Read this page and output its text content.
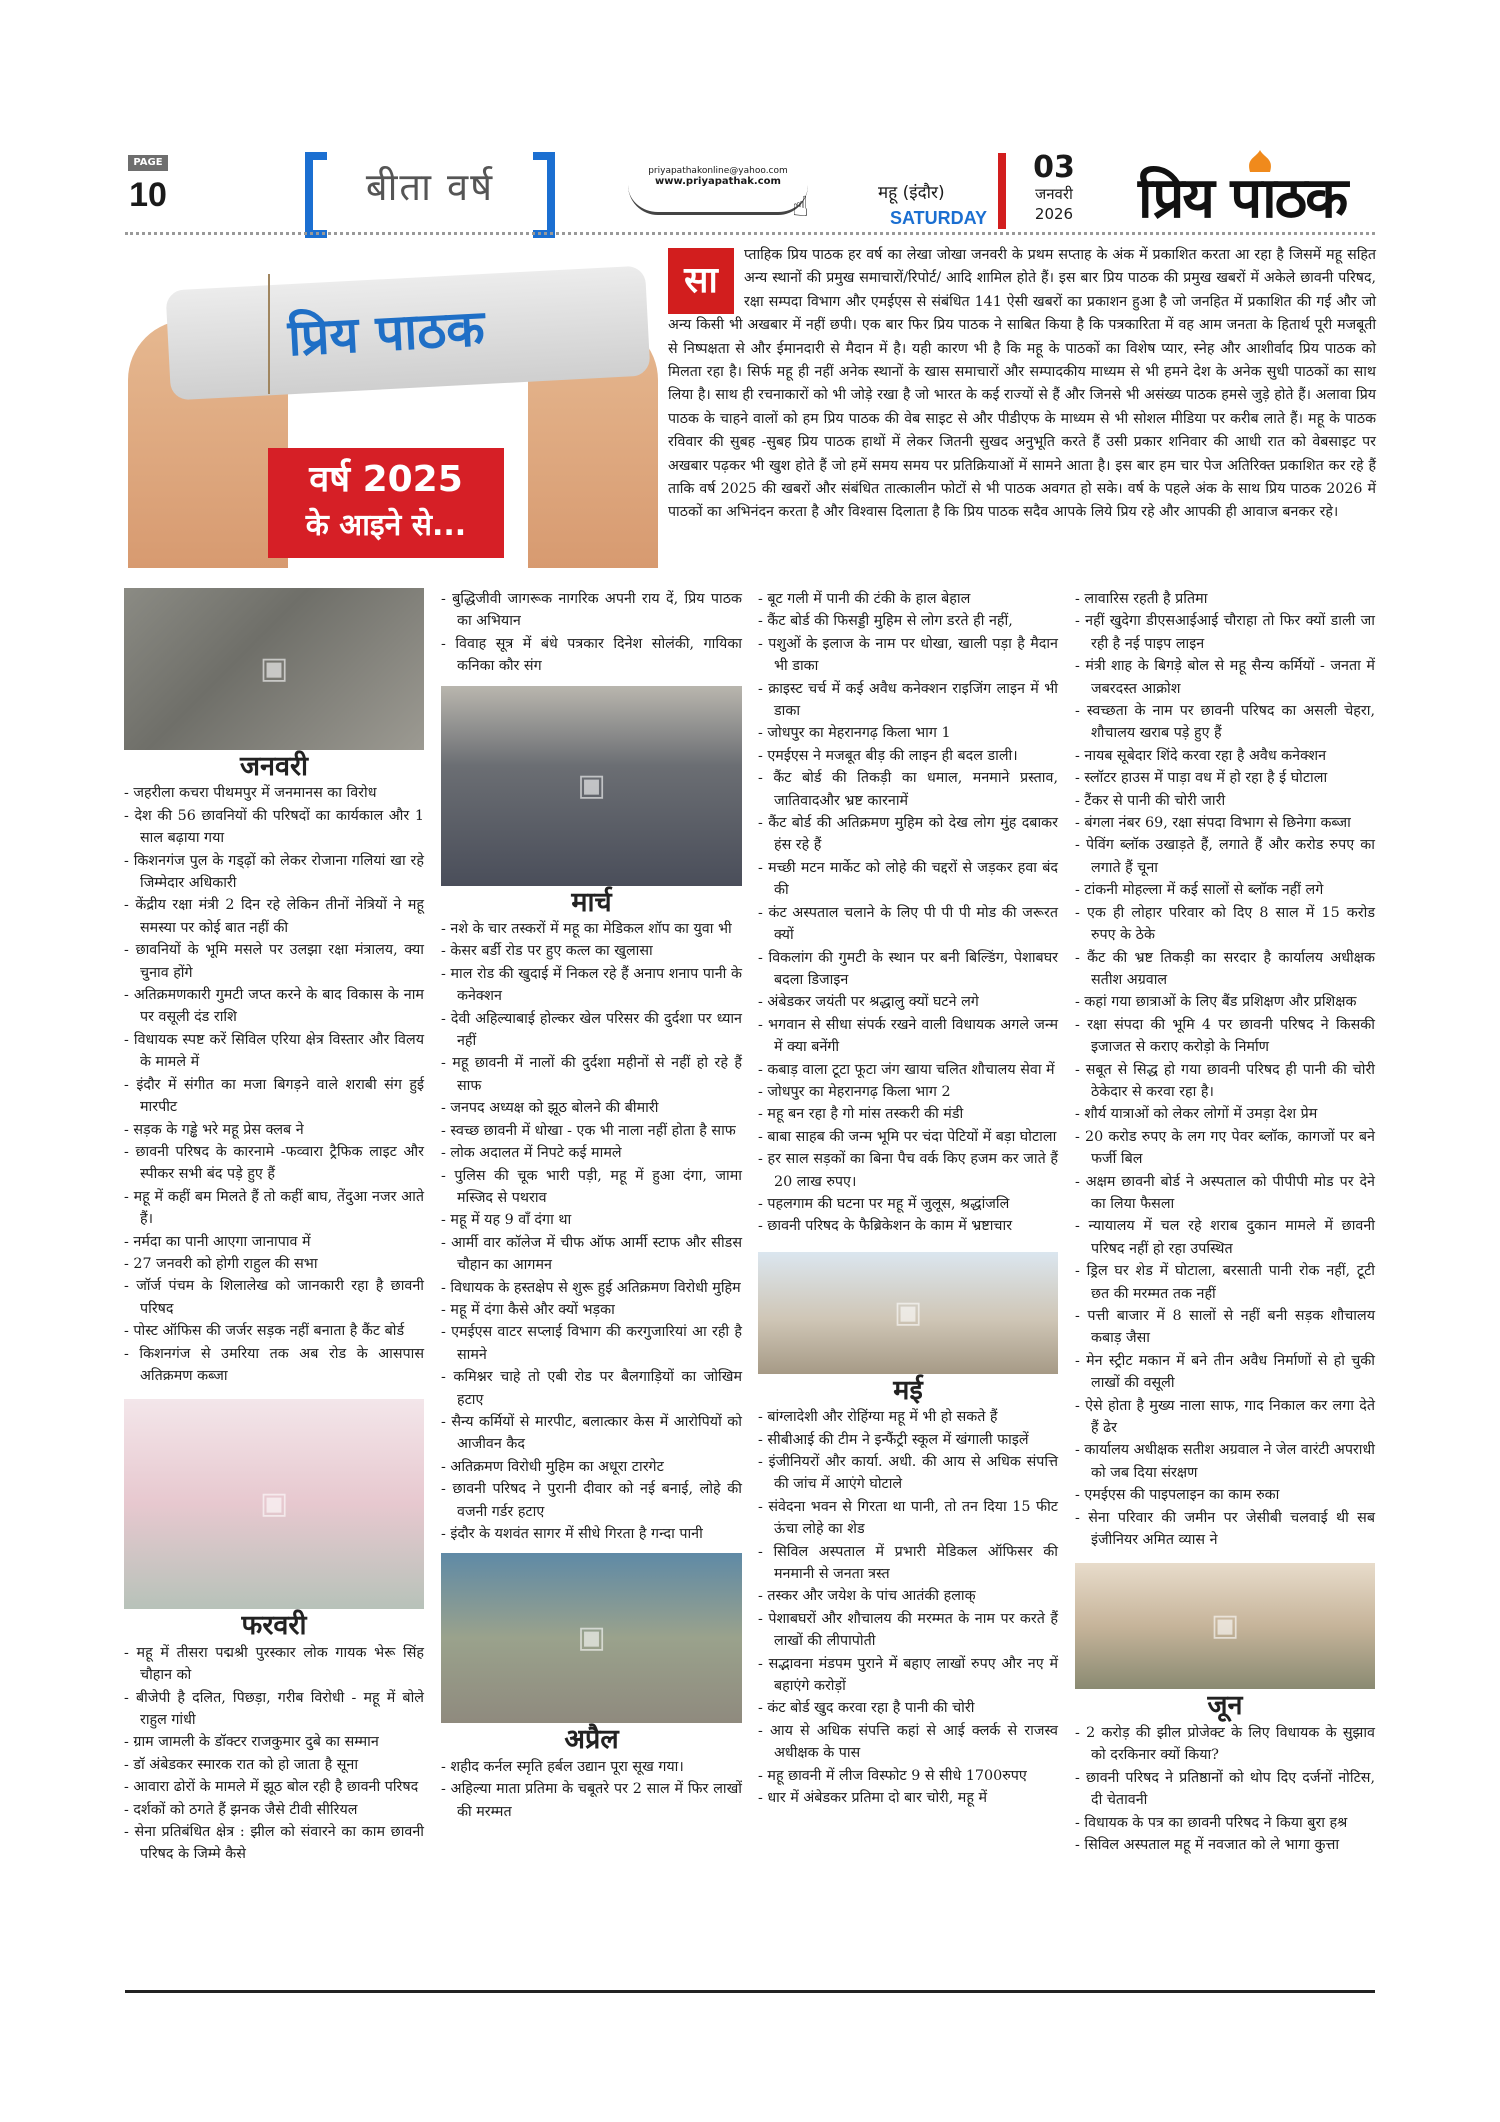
PAGE
10	बीता वर्ष	priyapathakonline@yahoo.com
www.priyapathak.com
☝	महू (इंदौर)
SATURDAY
03
जनवरी
2026 प्रिय पाठक
प्रिय पाठक
वर्ष 2025
के आइने से...
सा
प्ताहिक प्रिय पाठक हर वर्ष का लेखा जोखा जनवरी के प्रथम सप्ताह के अंक में प्रकाशित करता आ रहा है जिसमें महू सहित अन्य स्थानों की प्रमुख समाचारों/रिपोर्ट/ आदि शामिल होते हैं। इस बार प्रिय पाठक की प्रमुख खबरों में अकेले छावनी परिषद, रक्षा सम्पदा विभाग और एमईएस से संबंधित 141 ऐसी खबरों का प्रकाशन हुआ है जो जनहित में प्रकाशित की गई और जो अन्य किसी भी अखबार में नहीं छपी। एक बार फिर प्रिय पाठक ने साबित किया है कि पत्रकारिता में वह आम जनता के हितार्थ पूरी मजबूती से निष्पक्षता से और ईमानदारी से मैदान में है। यही कारण भी है कि महू के पाठकों का विशेष प्यार, स्नेह और आशीर्वाद प्रिय पाठक को मिलता रहा है। सिर्फ महू ही नहीं अनेक स्थानों के खास समाचारों और सम्पादकीय माध्यम से भी हमने देश के अनेक सुधी पाठकों का साथ लिया है। साथ ही रचनाकारों को भी जोड़े रखा है जो भारत के कई राज्यों से हैं और जिनसे भी असंख्य पाठक हमसे जुड़े होते हैं। अलावा प्रिय पाठक के चाहने वालों को हम प्रिय पाठक की वेब साइट से और पीडीएफ के माध्यम से भी सोशल मीडिया पर करीब लाते हैं। महू के पाठक रविवार की सुबह -सुबह प्रिय पाठक हाथों में लेकर जितनी सुखद अनुभूति करते हैं उसी प्रकार शनिवार की आधी रात को वेबसाइट पर अखबार पढ़कर भी खुश होते हैं जो हमें समय समय पर प्रतिक्रियाओं में सामने आता है। इस बार हम चार पेज अतिरिक्त प्रकाशित कर रहे हैं ताकि वर्ष 2025 की खबरों और संबंधित तात्कालीन फोटों से भी पाठक अवगत हो सके। वर्ष के पहले अंक के साथ प्रिय पाठक 2026 में पाठकों का अभिनंदन करता है और विश्वास दिलाता है कि प्रिय पाठक सदैव आपके लिये प्रिय रहे और आपकी ही आवाज बनकर रहे।
▣
जनवरी
- जहरीला कचरा पीथमपुर में जनमानस का विरोध
- देश की 56 छावनियों की परिषदों का कार्यकाल और 1 साल बढ़ाया गया
- किशनगंज पुल के गड्ढ़ों को लेकर रोजाना गलियां खा रहे जिम्मेदार अधिकारी
- केंद्रीय रक्षा मंत्री 2 दिन रहे लेकिन तीनों नेत्रियों ने महू समस्या पर कोई बात नहीं की
- छावनियों के भूमि मसले पर उलझा रक्षा मंत्रालय, क्या चुनाव होंगे
- अतिक्रमणकारी गुमटी जप्त करने के बाद विकास के नाम पर वसूली दंड राशि
- विधायक स्पष्ट करें सिविल एरिया क्षेत्र विस्तार और विलय के मामले में
- इंदौर में संगीत का मजा बिगड़ने वाले शराबी संग हुई मारपीट
- सड़क के गड्ढे भरे महू प्रेस क्लब ने
- छावनी परिषद के कारनामे -फव्वारा ट्रैफिक लाइट और स्पीकर सभी बंद पड़े हुए हैं
- महू में कहीं बम मिलते हैं तो कहीं बाघ, तेंदुआ नजर आते हैं।
- नर्मदा का पानी आएगा जानापाव में
- 27 जनवरी को होगी राहुल की सभा
- जॉर्ज पंचम के शिलालेख को जानकारी रहा है छावनी परिषद
- पोस्ट ऑफिस की जर्जर सड़क नहीं बनाता है कैंट बोर्ड
- किशनगंज से उमरिया तक अब रोड के आसपास अतिक्रमण कब्जा
▣
फरवरी
- महू में तीसरा पद्मश्री पुरस्कार लोक गायक भेरू सिंह चौहान को
- बीजेपी है दलित, पिछड़ा, गरीब विरोधी - महू में बोले राहुल गांधी
- ग्राम जामली के डॉक्टर राजकुमार दुबे का सम्मान
- डॉ अंबेडकर स्मारक रात को हो जाता है सूना
- आवारा ढोरों के मामले में झूठ बोल रही है छावनी परिषद
- दर्शकों को ठगते हैं झनक जैसे टीवी सीरियल
- सेना प्रतिबंधित क्षेत्र : झील को संवारने का काम छावनी परिषद के जिम्मे कैसे
- बुद्धिजीवी जागरूक नागरिक अपनी राय दें, प्रिय पाठक का अभियान
- विवाह सूत्र में बंधे पत्रकार दिनेश सोलंकी, गायिका कनिका कौर संग
▣
मार्च
- नशे के चार तस्करों में महू का मेडिकल शॉप का युवा भी
- केसर बर्डी रोड पर हुए कत्ल का खुलासा
- माल रोड की खुदाई में निकल रहे हैं अनाप शनाप पानी के कनेक्शन
- देवी अहिल्याबाई होल्कर खेल परिसर की दुर्दशा पर ध्यान नहीं
- महू छावनी में नालों की दुर्दशा महीनों से नहीं हो रहे हैं साफ
- जनपद अध्यक्ष को झूठ बोलने की बीमारी
- स्वच्छ छावनी में धोखा - एक भी नाला नहीं होता है साफ
- लोक अदालत में निपटे कई मामले
- पुलिस की चूक भारी पड़ी, महू में हुआ दंगा, जामा मस्जिद से पथराव
- महू में यह 9 वाँ दंगा था
- आर्मी वार कॉलेज में चीफ ऑफ आर्मी स्टाफ और सीडस चौहान का आगमन
- विधायक के हस्तक्षेप से शुरू हुई अतिक्रमण विरोधी मुहिम
- महू में दंगा कैसे और क्यों भड़का
- एमईएस वाटर सप्लाई विभाग की करगुजारियां आ रही है सामने
- कमिश्नर चाहे तो एबी रोड पर बैलगाड़ियों का जोखिम हटाए
- सैन्य कर्मियों से मारपीट, बलात्कार केस में आरोपियों को आजीवन कैद
- अतिक्रमण विरोधी मुहिम का अधूरा टारगेट
- छावनी परिषद ने पुरानी दीवार को नई बनाई, लोहे की वजनी गर्डर हटाए
- इंदौर के यशवंत सागर में सीधे गिरता है गन्दा पानी
▣
अप्रैल
- शहीद कर्नल स्मृति हर्बल उद्यान पूरा सूख गया।
- अहिल्या माता प्रतिमा के चबूतरे पर 2 साल में फिर लाखों की मरम्मत
- बूट गली में पानी की टंकी के हाल बेहाल
- कैंट बोर्ड की फिसड्डी मुहिम से लोग डरते ही नहीं,
- पशुओं के इलाज के नाम पर धोखा, खाली पड़ा है मैदान भी डाका
- क्राइस्ट चर्च में कई अवैध कनेक्शन राइजिंग लाइन में भी डाका
- जोधपुर का मेहरानगढ़ किला भाग 1
- एमईएस ने मजबूत बीड़ की लाइन ही बदल डाली।
- कैंट बोर्ड की तिकड़ी का धमाल, मनमाने प्रस्ताव, जातिवादऔर भ्रष्ट कारनामें
- कैंट बोर्ड की अतिक्रमण मुहिम को देख लोग मुंह दबाकर हंस रहे हैं
- मच्छी मटन मार्केट को लोहे की चद्दरों से जड़कर हवा बंद की
- कंट अस्पताल चलाने के लिए पी पी पी मोड की जरूरत क्यों
- विकलांग की गुमटी के स्थान पर बनी बिल्डिंग, पेशाबघर बदला डिजाइन
- अंबेडकर जयंती पर श्रद्धालु क्यों घटने लगे
- भगवान से सीधा संपर्क रखने वाली विधायक अगले जन्म में क्या बनेंगी
- कबाड़ वाला टूटा फूटा जंग खाया चलित शौचालय सेवा में
- जोधपुर का मेहरानगढ़ किला भाग 2
- महू बन रहा है गो मांस तस्करी की मंडी
- बाबा साहब की जन्म भूमि पर चंदा पेटियों में बड़ा घोटाला
- हर साल सड़कों का बिना पैच वर्क किए हजम कर जाते हैं 20 लाख रुपए।
- पहलगाम की घटना पर महू में जुलूस, श्रद्धांजलि
- छावनी परिषद के फैब्रिकेशन के काम में भ्रष्टाचार
▣
मई
- बांग्लादेशी और रोहिंग्या महू में भी हो सकते हैं
- सीबीआई की टीम ने इन्फैंट्री स्कूल में खंगाली फाइलें
- इंजीनियरों और कार्या. अधी. की आय से अधिक संपत्ति की जांच में आएंगे घोटाले
- संवेदना भवन से गिरता था पानी, तो तन दिया 15 फीट ऊंचा लोहे का शेड
- सिविल अस्पताल में प्रभारी मेडिकल ऑफिसर की मनमानी से जनता त्रस्त
- तस्कर और जयेश के पांच आतंकी हलाक्
- पेशाबघरों और शौचालय की मरम्मत के नाम पर करते हैं लाखों की लीपापोती
- सद्भावना मंडपम पुराने में बहाए लाखों रुपए और नए में बहाएंगे करोड़ों
- कंट बोर्ड खुद करवा रहा है पानी की चोरी
- आय से अधिक संपत्ति कहां से आई क्लर्क से राजस्व अधीक्षक के पास
- महू छावनी में लीज विस्फोट 9 से सीधे 1700रुपए
- धार में अंबेडकर प्रतिमा दो बार चोरी, महू में
- लावारिस रहती है प्रतिमा
- नहीं खुदेगा डीएसआईआई चौराहा तो फिर क्यों डाली जा रही है नई पाइप लाइन
- मंत्री शाह के बिगड़े बोल से महू सैन्य कर्मियों - जनता में जबरदस्त आक्रोश
- स्वच्छता के नाम पर छावनी परिषद का असली चेहरा, शौचालय खराब पड़े हुए हैं
- नायब सूबेदार शिंदे करवा रहा है अवैध कनेक्शन
- स्लॉटर हाउस में पाड़ा वध में हो रहा है ई घोटाला
- टैंकर से पानी की चोरी जारी
- बंगला नंबर 69, रक्षा संपदा विभाग से छिनेगा कब्जा
- पेविंग ब्लॉक उखाड़ते हैं, लगाते हैं और करोड रुपए का लगाते हैं चूना
- टांकनी मोहल्ला में कई सालों से ब्लॉक नहीं लगे
- एक ही लोहार परिवार को दिए 8 साल में 15 करोड रुपए के ठेके
- कैंट की भ्रष्ट तिकड़ी का सरदार है कार्यालय अधीक्षक सतीश अग्रवाल
- कहां गया छात्राओं के लिए बैंड प्रशिक्षण और प्रशिक्षक
- रक्षा संपदा की भूमि 4 पर छावनी परिषद ने किसकी इजाजत से कराए करोड़ो के निर्माण
- सबूत से सिद्ध हो गया छावनी परिषद ही पानी की चोरी ठेकेदार से करवा रहा है।
- शौर्य यात्राओं को लेकर लोगों में उमड़ा देश प्रेम
- 20 करोड रुपए के लग गए पेवर ब्लॉक, कागजों पर बने फर्जी बिल
- अक्षम छावनी बोर्ड ने अस्पताल को पीपीपी मोड पर देने का लिया फैसला
- न्यायालय में चल रहे शराब दुकान मामले में छावनी परिषद नहीं हो रहा उपस्थित
- ड्रिल घर शेड में घोटाला, बरसाती पानी रोक नहीं, टूटी छत की मरम्मत तक नहीं
- पत्ती बाजार में 8 सालों से नहीं बनी सड़क शौचालय कबाड़ जैसा
- मेन स्ट्रीट मकान में बने तीन अवैध निर्माणों से हो चुकी लाखों की वसूली
- ऐसे होता है मुख्य नाला साफ, गाद निकाल कर लगा देते हैं ढेर
- कार्यालय अधीक्षक सतीश अग्रवाल ने जेल वारंटी अपराधी को जब दिया संरक्षण
- एमईएस की पाइपलाइन का काम रुका
- सेना परिवार की जमीन पर जेसीबी चलवाई थी सब इंजीनियर अमित व्यास ने
▣
जून
- 2 करोड़ की झील प्रोजेक्ट के लिए विधायक के सुझाव को दरकिनार क्यों किया?
- छावनी परिषद ने प्रतिष्ठानों को थोप दिए दर्जनों नोटिस, दी चेतावनी
- विधायक के पत्र का छावनी परिषद ने किया बुरा हश्र
- सिविल अस्पताल महू में नवजात को ले भागा कुत्ता
